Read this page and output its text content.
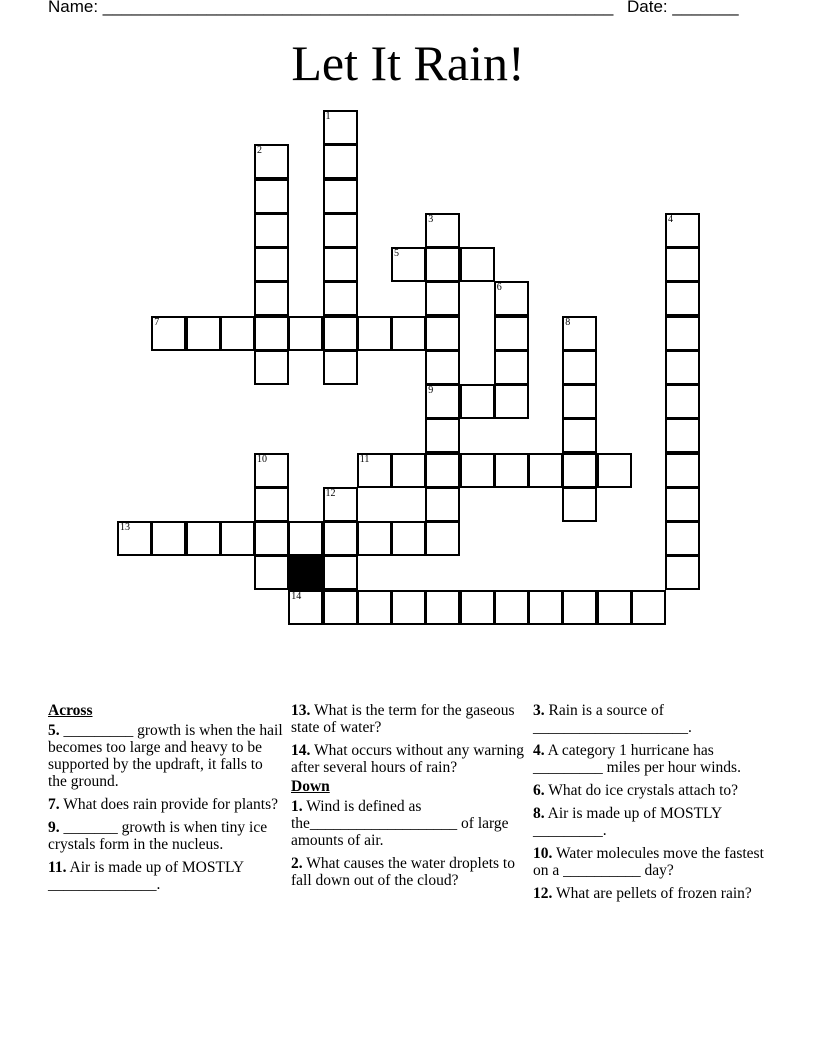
Name: ______________________________________________________ Date: _______
Let It Rain!
1
2
3	4
5
6
7	8
9
10	11
12
13
14
Across
5. _________ growth is when the hail becomes too large and heavy to be supported by the updraft, it falls to the ground.
7. What does rain provide for plants?
9. _______ growth is when tiny ice crystals form in the nucleus.
11. Air is made up of MOSTLY ______________.
13. What is the term for the gaseous state of water?
14. What occurs without any warning after several hours of rain?
Down
1. Wind is defined as the___________________ of large amounts of air.
2. What causes the water droplets to fall down out of the cloud?
3. Rain is a source of ____________________.
4. A category 1 hurricane has _________ miles per hour winds.
6. What do ice crystals attach to?
8. Air is made up of MOSTLY _________.
10. Water molecules move the fastest on a __________ day?
12. What are pellets of frozen rain?
